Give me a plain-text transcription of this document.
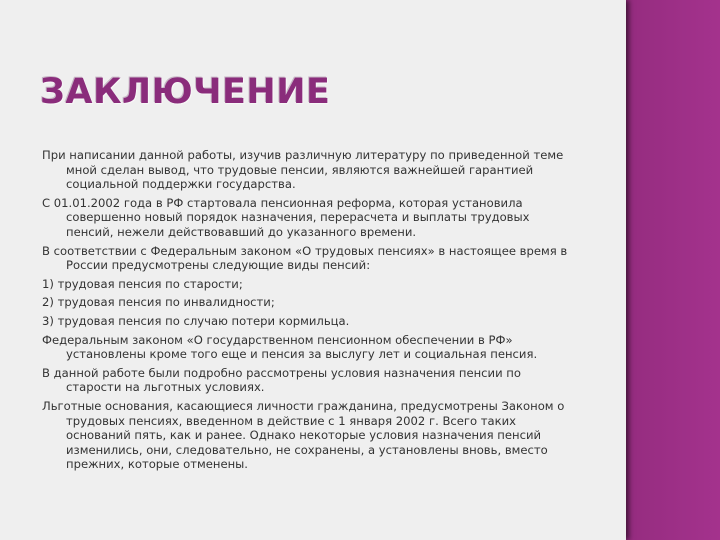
ЗАКЛЮЧЕНИЕ

При написании данной работы, изучив различную литературу по приведенной теме
мной сделан вывод, что трудовые пенсии, являются важнейшей гарантией
социальной поддержки государства.

С 01.01.2002 года в РФ стартовала пенсионная реформа, которая установила
совершенно новый порядок назначения, перерасчета и выплаты трудовых
пенсий, нежели действовавший до указанного времени.

В соответствии с Федеральным законом «О трудовых пенсиях» в настоящее время в
России предусмотрены следующие виды пенсий:

1) трудовая пенсия по старости;

2) трудовая пенсия по инвалидности;

3) трудовая пенсия по случаю потери кормильца.

Федеральным законом «О государственном пенсионном обеспечении в РФ»
установлены кроме того еще и пенсия за выслугу лет и социальная пенсия.

В данной работе были подробно рассмотрены условия назначения пенсии по
старости на льготных условиях.

Льготные основания, касающиеся личности гражданина, предусмотрены Законом о
трудовых пенсиях, введенном в действие с 1 января 2002 г. Всего таких
оснований пять, как и ранее. Однако некоторые условия назначения пенсий
изменились, они, следовательно, не сохранены, а установлены вновь, вместо
прежних, которые отменены.
